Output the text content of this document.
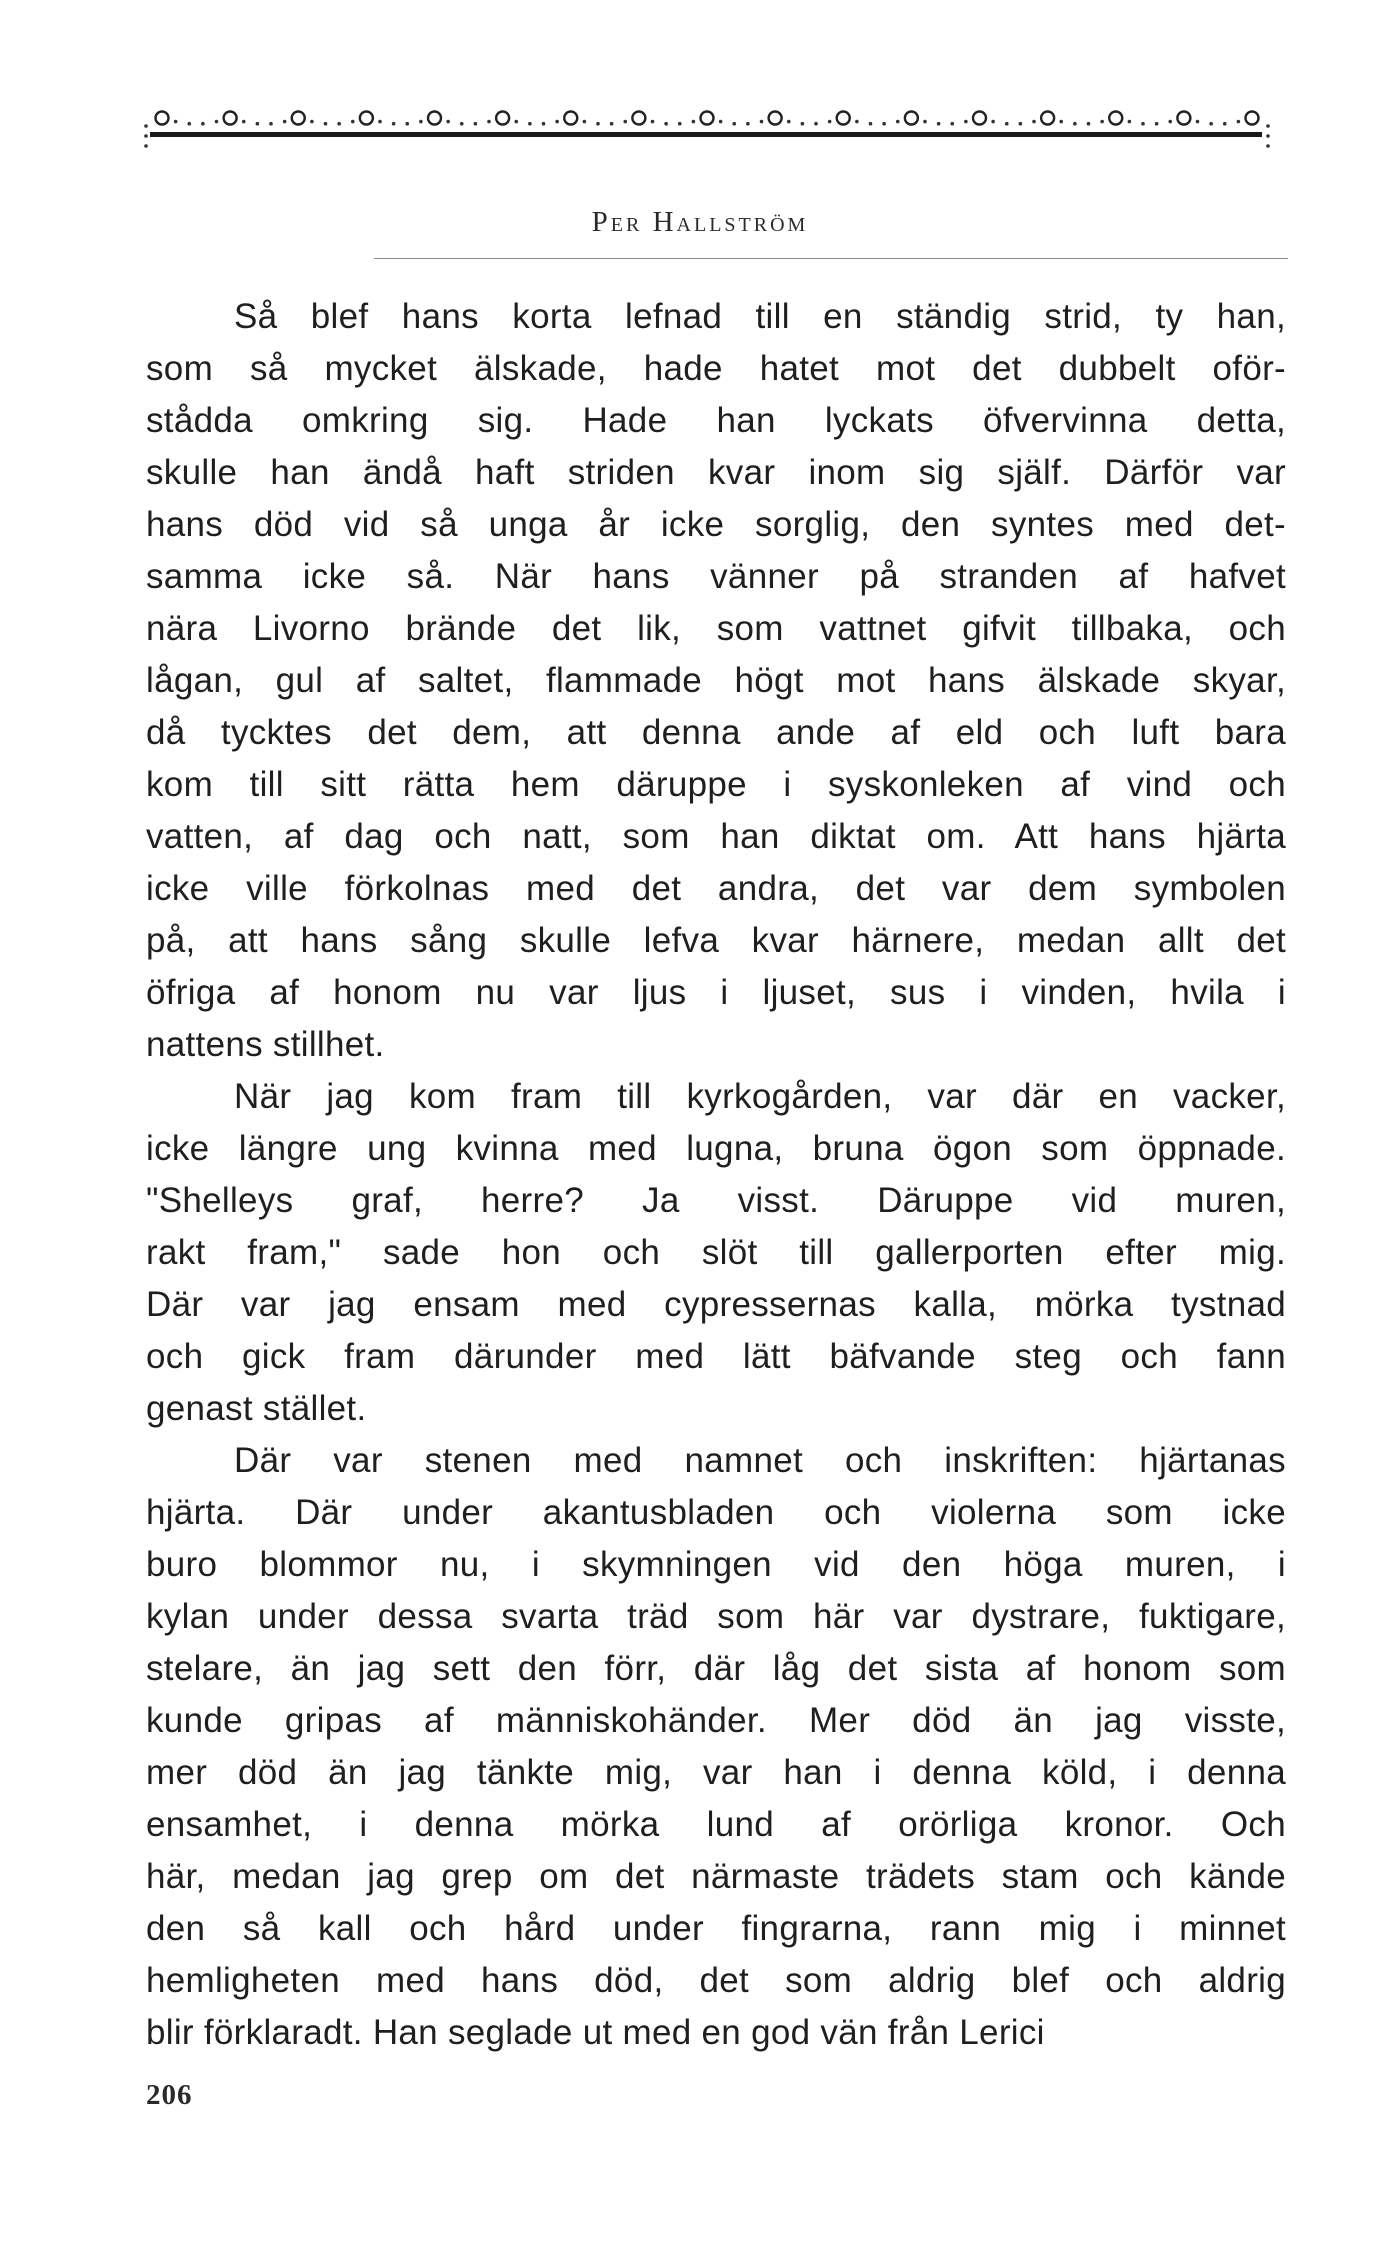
Per Hallström
Så blef hans korta lefnad till en ständig strid, ty han,
som så mycket älskade, hade hatet mot det dubbelt oför-
stådda omkring sig. Hade han lyckats öfvervinna detta,
skulle han ändå haft striden kvar inom sig själf. Därför var
hans död vid så unga år icke sorglig, den syntes med det-
samma icke så. När hans vänner på stranden af hafvet
nära Livorno brände det lik, som vattnet gifvit tillbaka, och
lågan, gul af saltet, flammade högt mot hans älskade skyar,
då tycktes det dem, att denna ande af eld och luft bara
kom till sitt rätta hem däruppe i syskonleken af vind och
vatten, af dag och natt, som han diktat om. Att hans hjärta
icke ville förkolnas med det andra, det var dem symbolen
på, att hans sång skulle lefva kvar härnere, medan allt det
öfriga af honom nu var ljus i ljuset, sus i vinden, hvila i
nattens stillhet.
När jag kom fram till kyrkogården, var där en vacker,
icke längre ung kvinna med lugna, bruna ögon som öppnade.
"Shelleys graf, herre? Ja visst. Däruppe vid muren,
rakt fram," sade hon och slöt till gallerporten efter mig.
Där var jag ensam med cypressernas kalla, mörka tystnad
och gick fram därunder med lätt bäfvande steg och fann
genast stället.
Där var stenen med namnet och inskriften: hjärtanas
hjärta. Där under akantusbladen och violerna som icke
buro blommor nu, i skymningen vid den höga muren, i
kylan under dessa svarta träd som här var dystrare, fuktigare,
stelare, än jag sett den förr, där låg det sista af honom som
kunde gripas af människohänder. Mer död än jag visste,
mer död än jag tänkte mig, var han i denna köld, i denna
ensamhet, i denna mörka lund af orörliga kronor. Och
här, medan jag grep om det närmaste trädets stam och kände
den så kall och hård under fingrarna, rann mig i minnet
hemligheten med hans död, det som aldrig blef och aldrig
blir förklaradt. Han seglade ut med en god vän från Lerici
206
